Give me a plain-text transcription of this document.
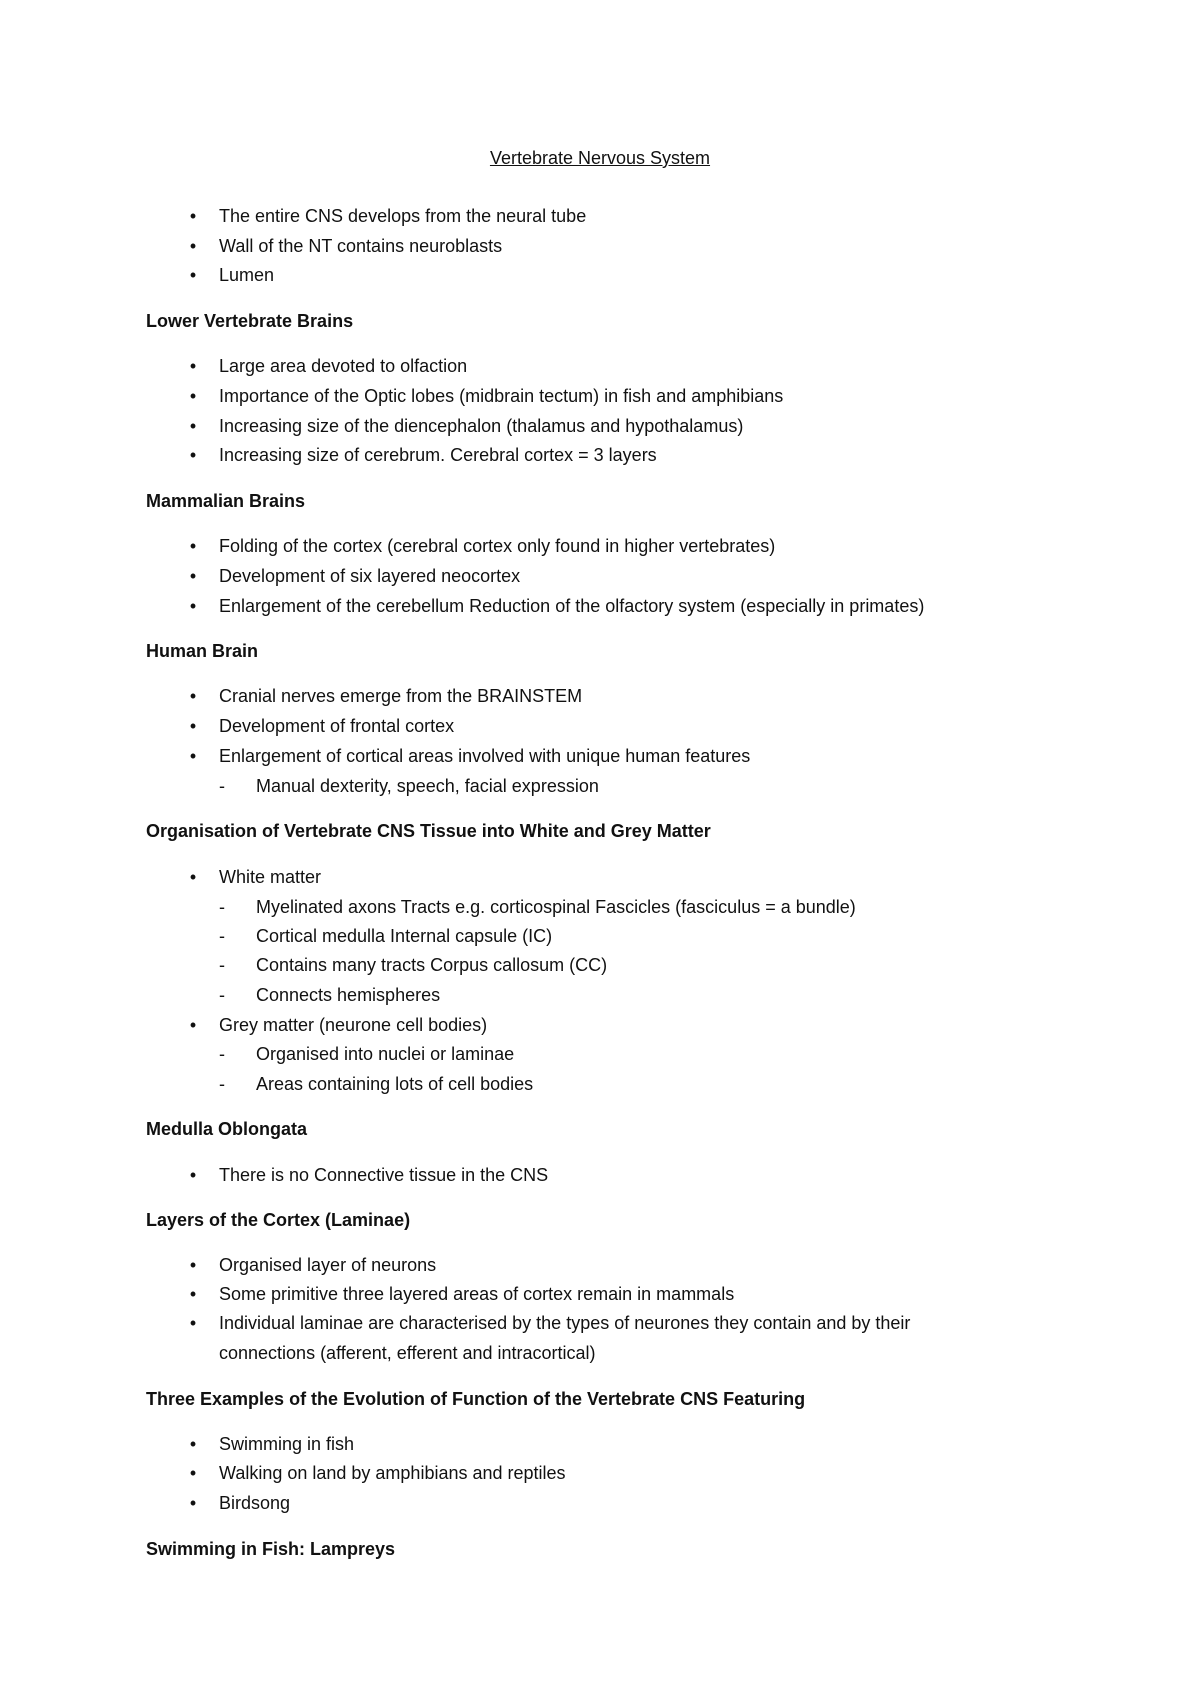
Vertebrate Nervous System
• The entire CNS develops from the neural tube
• Wall of the NT contains neuroblasts
• Lumen
Lower Vertebrate Brains
• Large area devoted to olfaction
• Importance of the Optic lobes (midbrain tectum) in fish and amphibians
• Increasing size of the diencephalon (thalamus and hypothalamus)
• Increasing size of cerebrum. Cerebral cortex = 3 layers
Mammalian Brains
• Folding of the cortex (cerebral cortex only found in higher vertebrates)
• Development of six layered neocortex
• Enlargement of the cerebellum Reduction of the olfactory system (especially in primates)
Human Brain
• Cranial nerves emerge from the BRAINSTEM
• Development of frontal cortex
• Enlargement of cortical areas involved with unique human features
- Manual dexterity, speech, facial expression
Organisation of Vertebrate CNS Tissue into White and Grey Matter
• White matter
- Myelinated axons Tracts e.g. corticospinal Fascicles (fasciculus = a bundle)
- Cortical medulla Internal capsule (IC)
- Contains many tracts Corpus callosum (CC)
- Connects hemispheres
• Grey matter (neurone cell bodies)
- Organised into nuclei or laminae
- Areas containing lots of cell bodies
Medulla Oblongata
• There is no Connective tissue in the CNS
Layers of the Cortex (Laminae)
• Organised layer of neurons
• Some primitive three layered areas of cortex remain in mammals
• Individual laminae are characterised by the types of neurones they contain and by their
connections (afferent, efferent and intracortical)
Three Examples of the Evolution of Function of the Vertebrate CNS Featuring
• Swimming in fish
• Walking on land by amphibians and reptiles
• Birdsong
Swimming in Fish: Lampreys
